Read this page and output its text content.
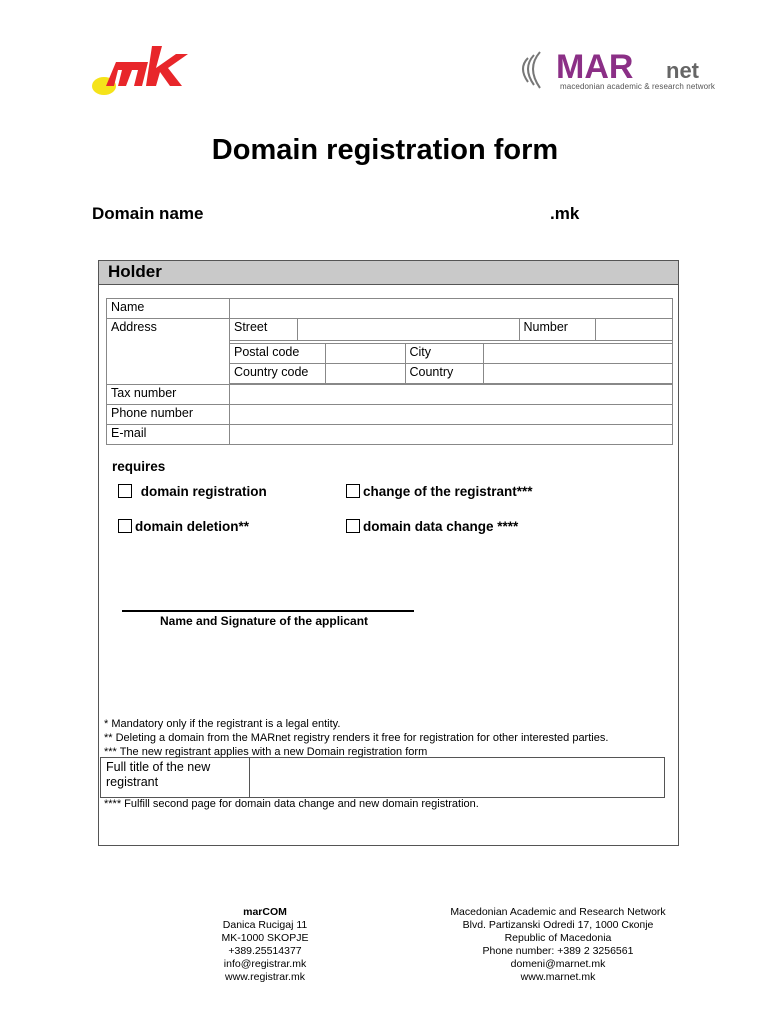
MAR net
macedonian academic & research network
Domain registration form
Domain name	.mk
Holder
Name	
Address		Street		Number	
Postal code		City	
Country code		Country	

Tax number	
Phone number	
E-mail	
requires
domain registration	change of the registrant***
domain deletion**	domain data change ****
Name and Signature of the applicant
* Mandatory only if the registrant is a legal entity.
** Deleting a domain from the MARnet registry renders it free for registration for other interested parties.
*** The new registrant applies with a new Domain registration form
Full title of the new registrant	
**** Fulfill second page for domain data change and new domain registration.
marCOM
Danica Rucigaj 11
MK-1000 SKOPJE
+389.25514377
info@registrar.mk
www.registrar.mk
Macedonian Academic and Research Network
Blvd. Partizanski Odredi 17, 1000 Скопје
Republic of Macedonia
Phone number: +389 2 3256561
domeni@marnet.mk
www.marnet.mk
